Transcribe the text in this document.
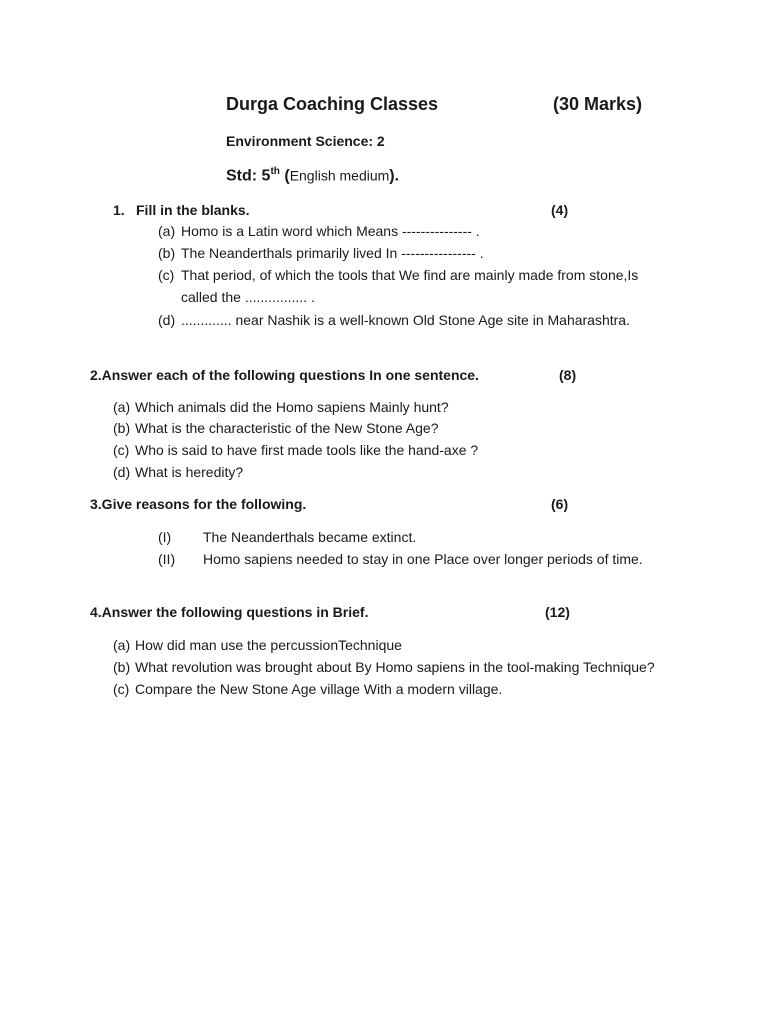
Durga Coaching Classes	(30 Marks)
Environment Science: 2
Std: 5th (English medium).
1. Fill in the blanks.	(4)
(a) Homo is a Latin word which Means --------------- .
(b) The Neanderthals primarily lived In ---------------- .
(c) That period, of which the tools that We find are mainly made from stone,Is
called the ................ .
(d) ............. near Nashik is a well-known Old Stone Age site in Maharashtra.
2.Answer each of the following questions In one sentence.	(8)
(a) Which animals did the Homo sapiens Mainly hunt?
(b) What is the characteristic of the New Stone Age?
(c) Who is said to have first made tools like the hand-axe ?
(d) What is heredity?
3.Give reasons for the following.	(6)
(I) The Neanderthals became extinct.
(II) Homo sapiens needed to stay in one Place over longer periods of time.
4.Answer the following questions in Brief.	(12)
(a) How did man use the percussionTechnique
(b) What revolution was brought about By Homo sapiens in the tool-making Technique?
(c) Compare the New Stone Age village With a modern village.
